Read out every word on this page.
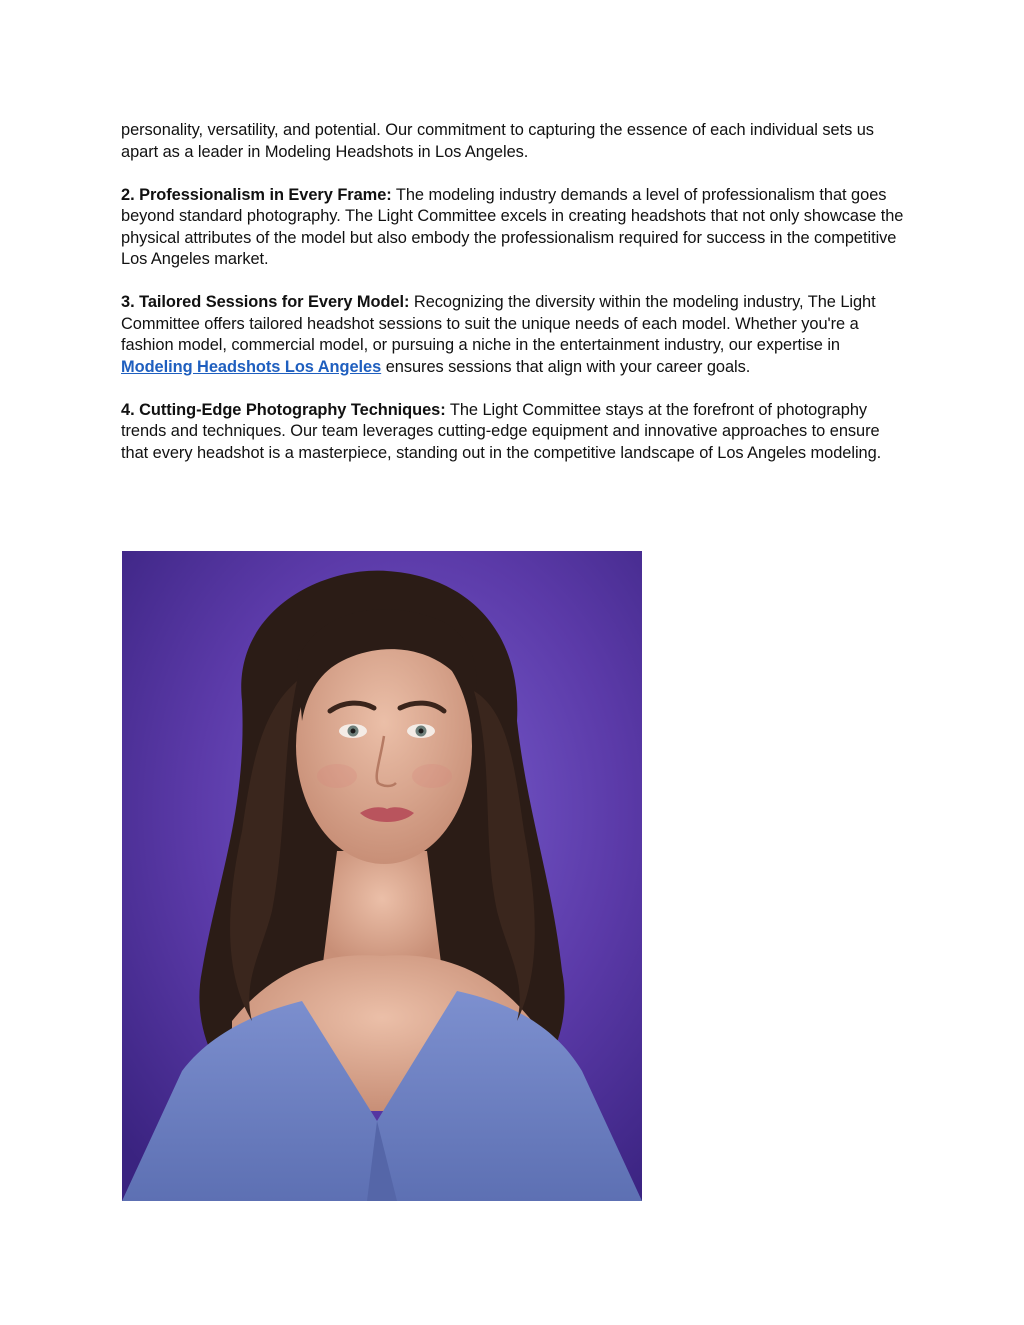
personality, versatility, and potential. Our commitment to capturing the essence of each individual sets us apart as a leader in Modeling Headshots in Los Angeles.

2. Professionalism in Every Frame: The modeling industry demands a level of professionalism that goes beyond standard photography. The Light Committee excels in creating headshots that not only showcase the physical attributes of the model but also embody the professionalism required for success in the competitive Los Angeles market.

3. Tailored Sessions for Every Model: Recognizing the diversity within the modeling industry, The Light Committee offers tailored headshot sessions to suit the unique needs of each model. Whether you're a fashion model, commercial model, or pursuing a niche in the entertainment industry, our expertise in Modeling Headshots Los Angeles ensures sessions that align with your career goals.

4. Cutting-Edge Photography Techniques: The Light Committee stays at the forefront of photography trends and techniques. Our team leverages cutting-edge equipment and innovative approaches to ensure that every headshot is a masterpiece, standing out in the competitive landscape of Los Angeles modeling.
